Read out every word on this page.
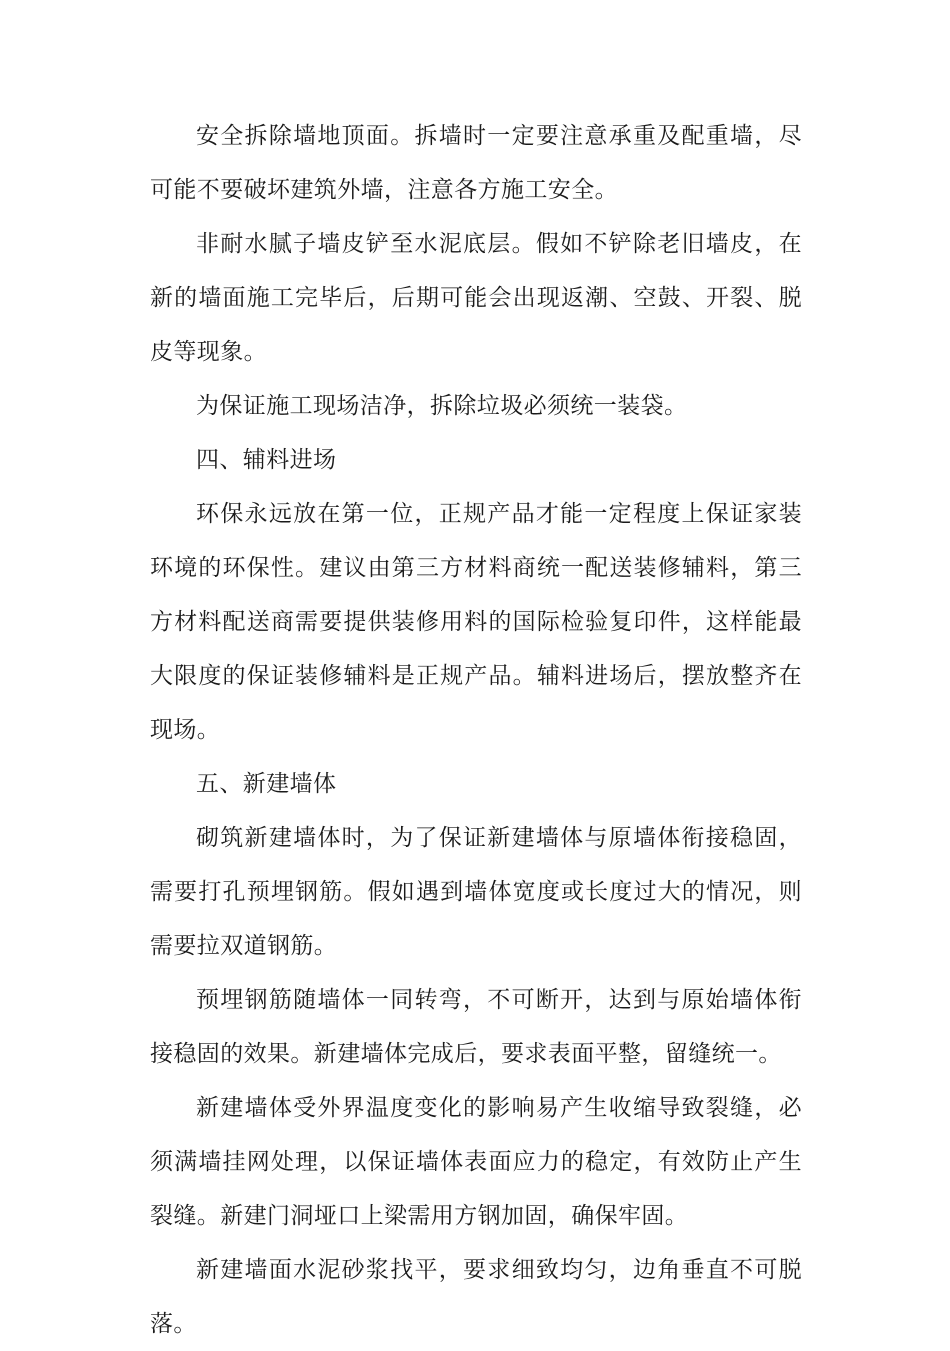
安全拆除墙地顶面。拆墙时一定要注意承重及配重墙，尽可能不要破坏建筑外墙，注意各方施工安全。

非耐水腻子墙皮铲至水泥底层。假如不铲除老旧墙皮，在新的墙面施工完毕后，后期可能会出现返潮、空鼓、开裂、脱皮等现象。

为保证施工现场洁净，拆除垃圾必须统一装袋。

四、辅料进场

环保永远放在第一位，正规产品才能一定程度上保证家装环境的环保性。建议由第三方材料商统一配送装修辅料，第三方材料配送商需要提供装修用料的国际检验复印件，这样能最大限度的保证装修辅料是正规产品。辅料进场后，摆放整齐在现场。

五、新建墙体

砌筑新建墙体时，为了保证新建墙体与原墙体衔接稳固，需要打孔预埋钢筋。假如遇到墙体宽度或长度过大的情况，则需要拉双道钢筋。

预埋钢筋随墙体一同转弯，不可断开，达到与原始墙体衔接稳固的效果。新建墙体完成后，要求表面平整，留缝统一。

新建墙体受外界温度变化的影响易产生收缩导致裂缝，必须满墙挂网处理，以保证墙体表面应力的稳定，有效防止产生裂缝。新建门洞垭口上梁需用方钢加固，确保牢固。

新建墙面水泥砂浆找平，要求细致均匀，边角垂直不可脱落。
